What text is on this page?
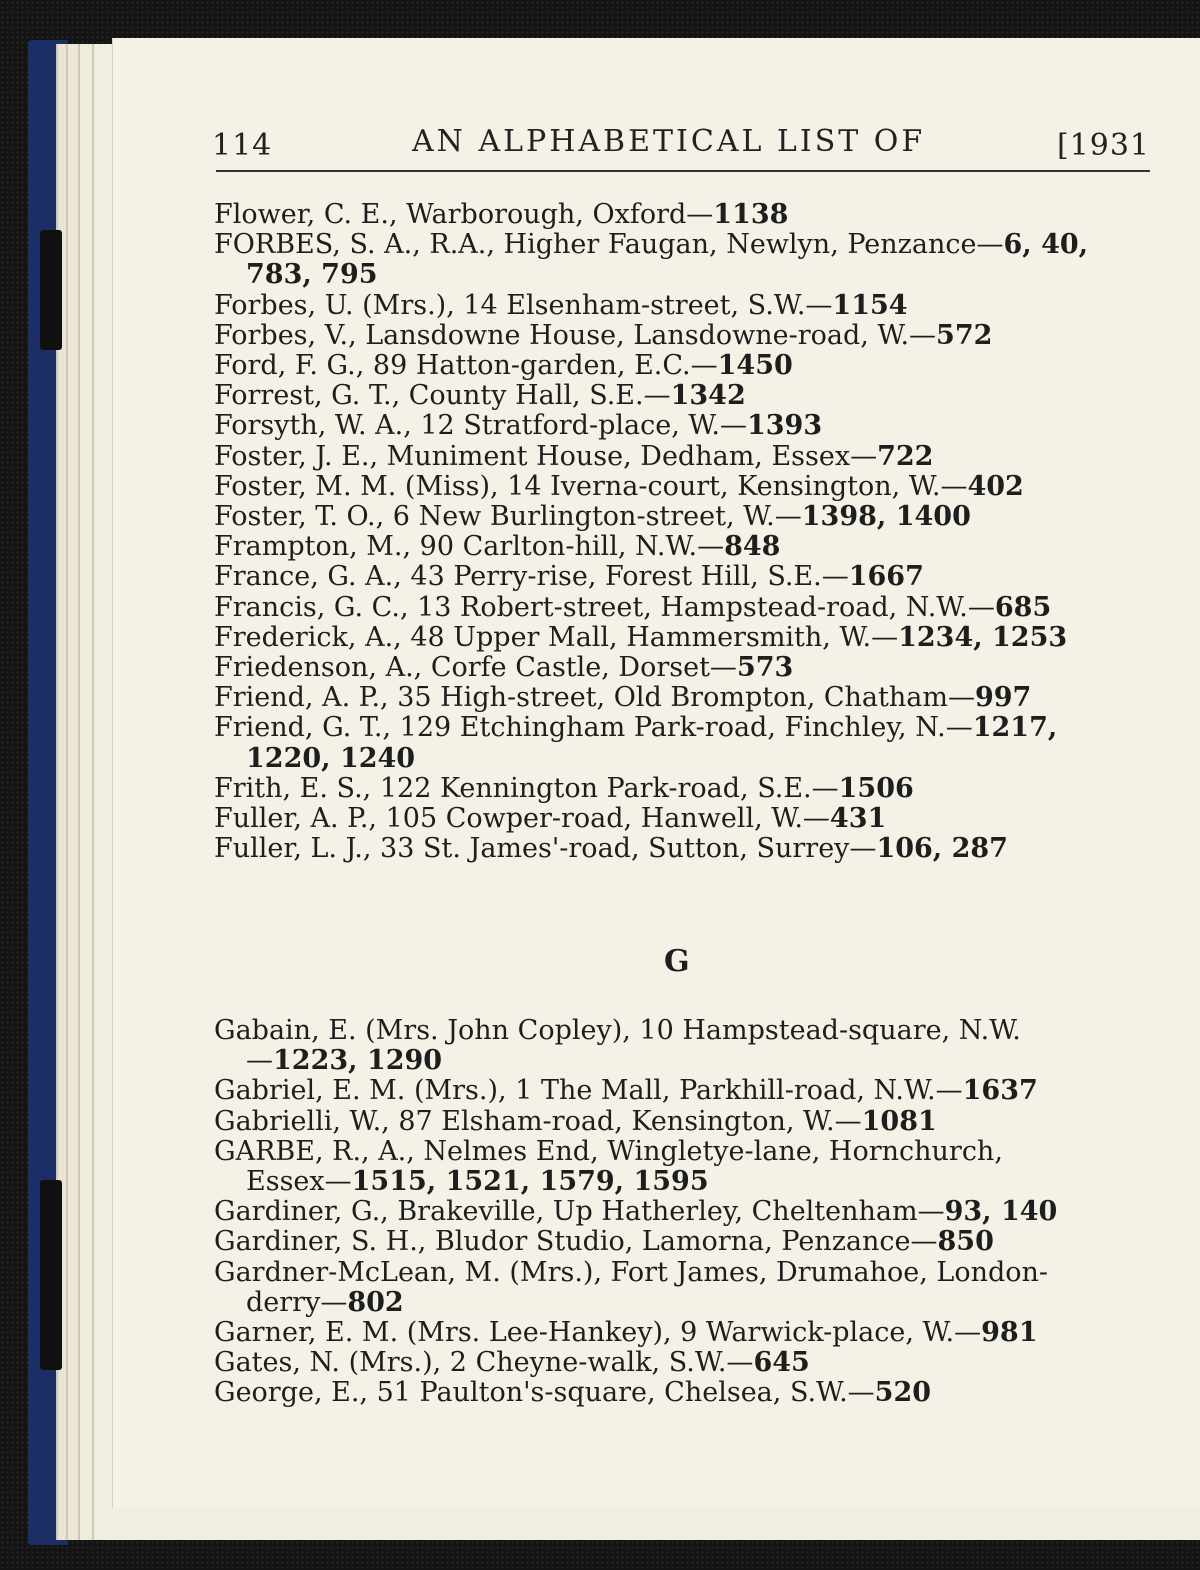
114	AN ALPHABETICAL LIST OF	[1931
Flower, C. E., Warborough, Oxford—1138
FORBES, S. A., R.A., Higher Faugan, Newlyn, Penzance—6, 40,
783, 795
Forbes, U. (Mrs.), 14 Elsenham-street, S.W.—1154
Forbes, V., Lansdowne House, Lansdowne-road, W.—572
Ford, F. G., 89 Hatton-garden, E.C.—1450
Forrest, G. T., County Hall, S.E.—1342
Forsyth, W. A., 12 Stratford-place, W.—1393
Foster, J. E., Muniment House, Dedham, Essex—722
Foster, M. M. (Miss), 14 Iverna-court, Kensington, W.—402
Foster, T. O., 6 New Burlington-street, W.—1398, 1400
Frampton, M., 90 Carlton-hill, N.W.—848
France, G. A., 43 Perry-rise, Forest Hill, S.E.—1667
Francis, G. C., 13 Robert-street, Hampstead-road, N.W.—685
Frederick, A., 48 Upper Mall, Hammersmith, W.—1234, 1253
Friedenson, A., Corfe Castle, Dorset—573
Friend, A. P., 35 High-street, Old Brompton, Chatham—997
Friend, G. T., 129 Etchingham Park-road, Finchley, N.—1217,
1220, 1240
Frith, E. S., 122 Kennington Park-road, S.E.—1506
Fuller, A. P., 105 Cowper-road, Hanwell, W.—431
Fuller, L. J., 33 St. James'-road, Sutton, Surrey—106, 287
G
Gabain, E. (Mrs. John Copley), 10 Hampstead-square, N.W.
—1223, 1290
Gabriel, E. M. (Mrs.), 1 The Mall, Parkhill-road, N.W.—1637
Gabrielli, W., 87 Elsham-road, Kensington, W.—1081
GARBE, R., A., Nelmes End, Wingletye-lane, Hornchurch,
Essex—1515, 1521, 1579, 1595
Gardiner, G., Brakeville, Up Hatherley, Cheltenham—93, 140
Gardiner, S. H., Bludor Studio, Lamorna, Penzance—850
Gardner-McLean, M. (Mrs.), Fort James, Drumahoe, London-
derry—802
Garner, E. M. (Mrs. Lee-Hankey), 9 Warwick-place, W.—981
Gates, N. (Mrs.), 2 Cheyne-walk, S.W.—645
George, E., 51 Paulton's-square, Chelsea, S.W.—520
